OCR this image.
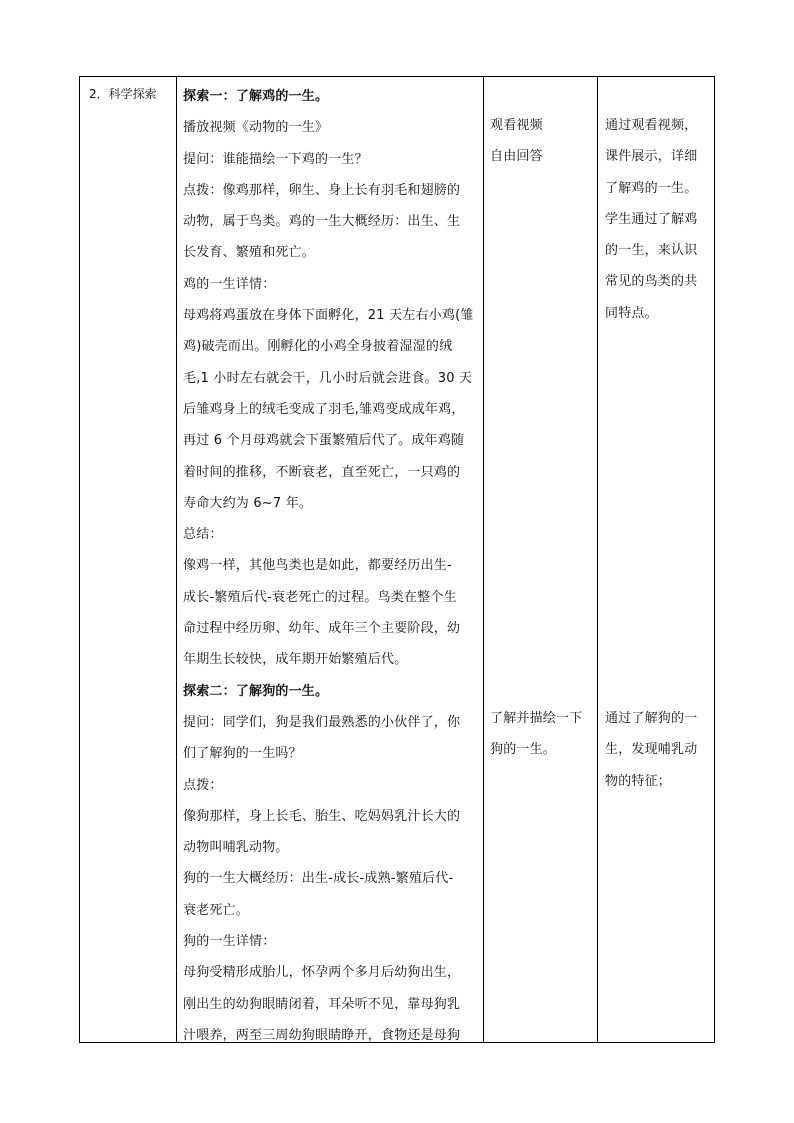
2．科学探索	探索一：了解鸡的一生。

播放视频《动物的一生》

提问：谁能描绘一下鸡的一生？

点拨：像鸡那样，卵生、身上长有羽毛和翅膀的

动物，属于鸟类。鸡的一生大概经历：出生、生

长发育、繁殖和死亡。

鸡的一生详情：

母鸡将鸡蛋放在身体下面孵化，21 天左右小鸡(雏

鸡)破壳而出。刚孵化的小鸡全身披着湿湿的绒

毛,1 小时左右就会干，几小时后就会进食。30 天

后雏鸡身上的绒毛变成了羽毛,雏鸡变成成年鸡，

再过 6 个月母鸡就会下蛋繁殖后代了。成年鸡随

着时间的推移，不断衰老，直至死亡，一只鸡的

寿命大约为 6~7 年。

总结：

像鸡一样，其他鸟类也是如此，都要经历出生-

成长-繁殖后代-衰老死亡的过程。鸟类在整个生

命过程中经历卵、幼年、成年三个主要阶段，幼

年期生长较快，成年期开始繁殖后代。

探索二：了解狗的一生。

提问：同学们，狗是我们最熟悉的小伙伴了，你

们了解狗的一生吗？

点拨：

像狗那样，身上长毛、胎生、吃妈妈乳汁长大的

动物叫哺乳动物。

狗的一生大概经历：出生-成长-成熟-繁殖后代-

衰老死亡。

狗的一生详情：

母狗受精形成胎儿，怀孕两个多月后幼狗出生，

刚出生的幼狗眼睛闭着，耳朵听不见，靠母狗乳

汁喂养，两至三周幼狗眼睛睁开，食物还是母狗

观看视频

自由回答

了解并描绘一下

狗的一生。

通过观看视频，

课件展示，详细

了解鸡的一生。

学生通过了解鸡

的一生，来认识

常见的鸟类的共

同特点。

通过了解狗的一

生，发现哺乳动

物的特征；
